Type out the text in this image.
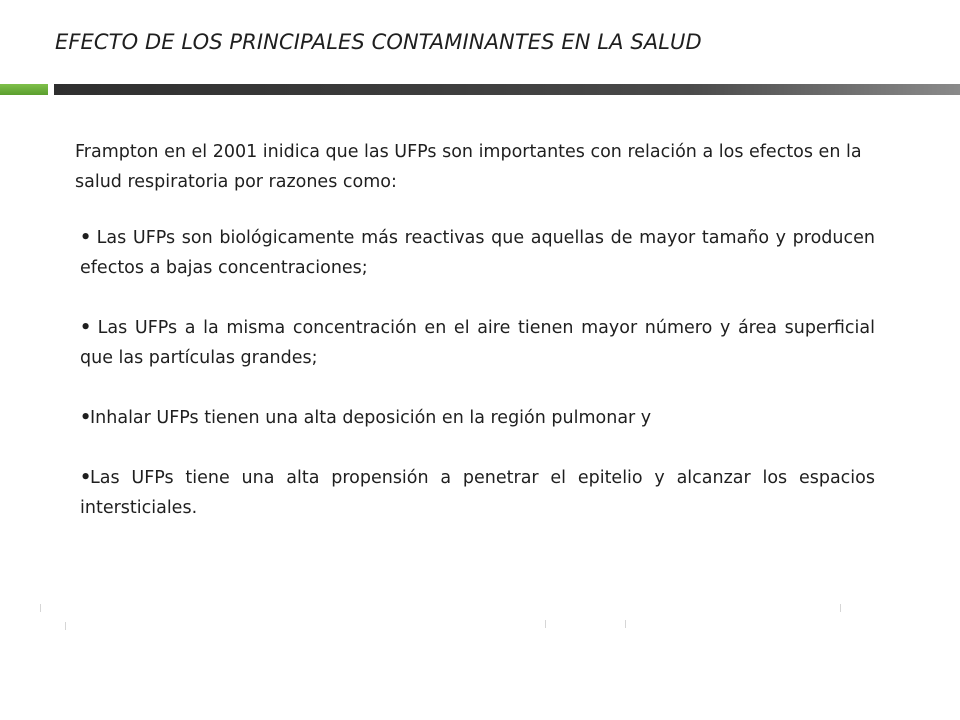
EFECTO DE LOS PRINCIPALES CONTAMINANTES EN LA SALUD

Frampton en el 2001 inidica que las UFPs son importantes con relación a los efectos en la salud respiratoria por razones como:

• Las UFPs son biológicamente más reactivas que aquellas de mayor tamaño y producen efectos a bajas concentraciones;
• Las UFPs a la misma concentración en el aire tienen mayor número y área superficial que las partículas grandes;
•Inhalar UFPs tienen una alta deposición en la región pulmonar y
•Las UFPs tiene una alta propensión a penetrar el epitelio y alcanzar los espacios intersticiales.
